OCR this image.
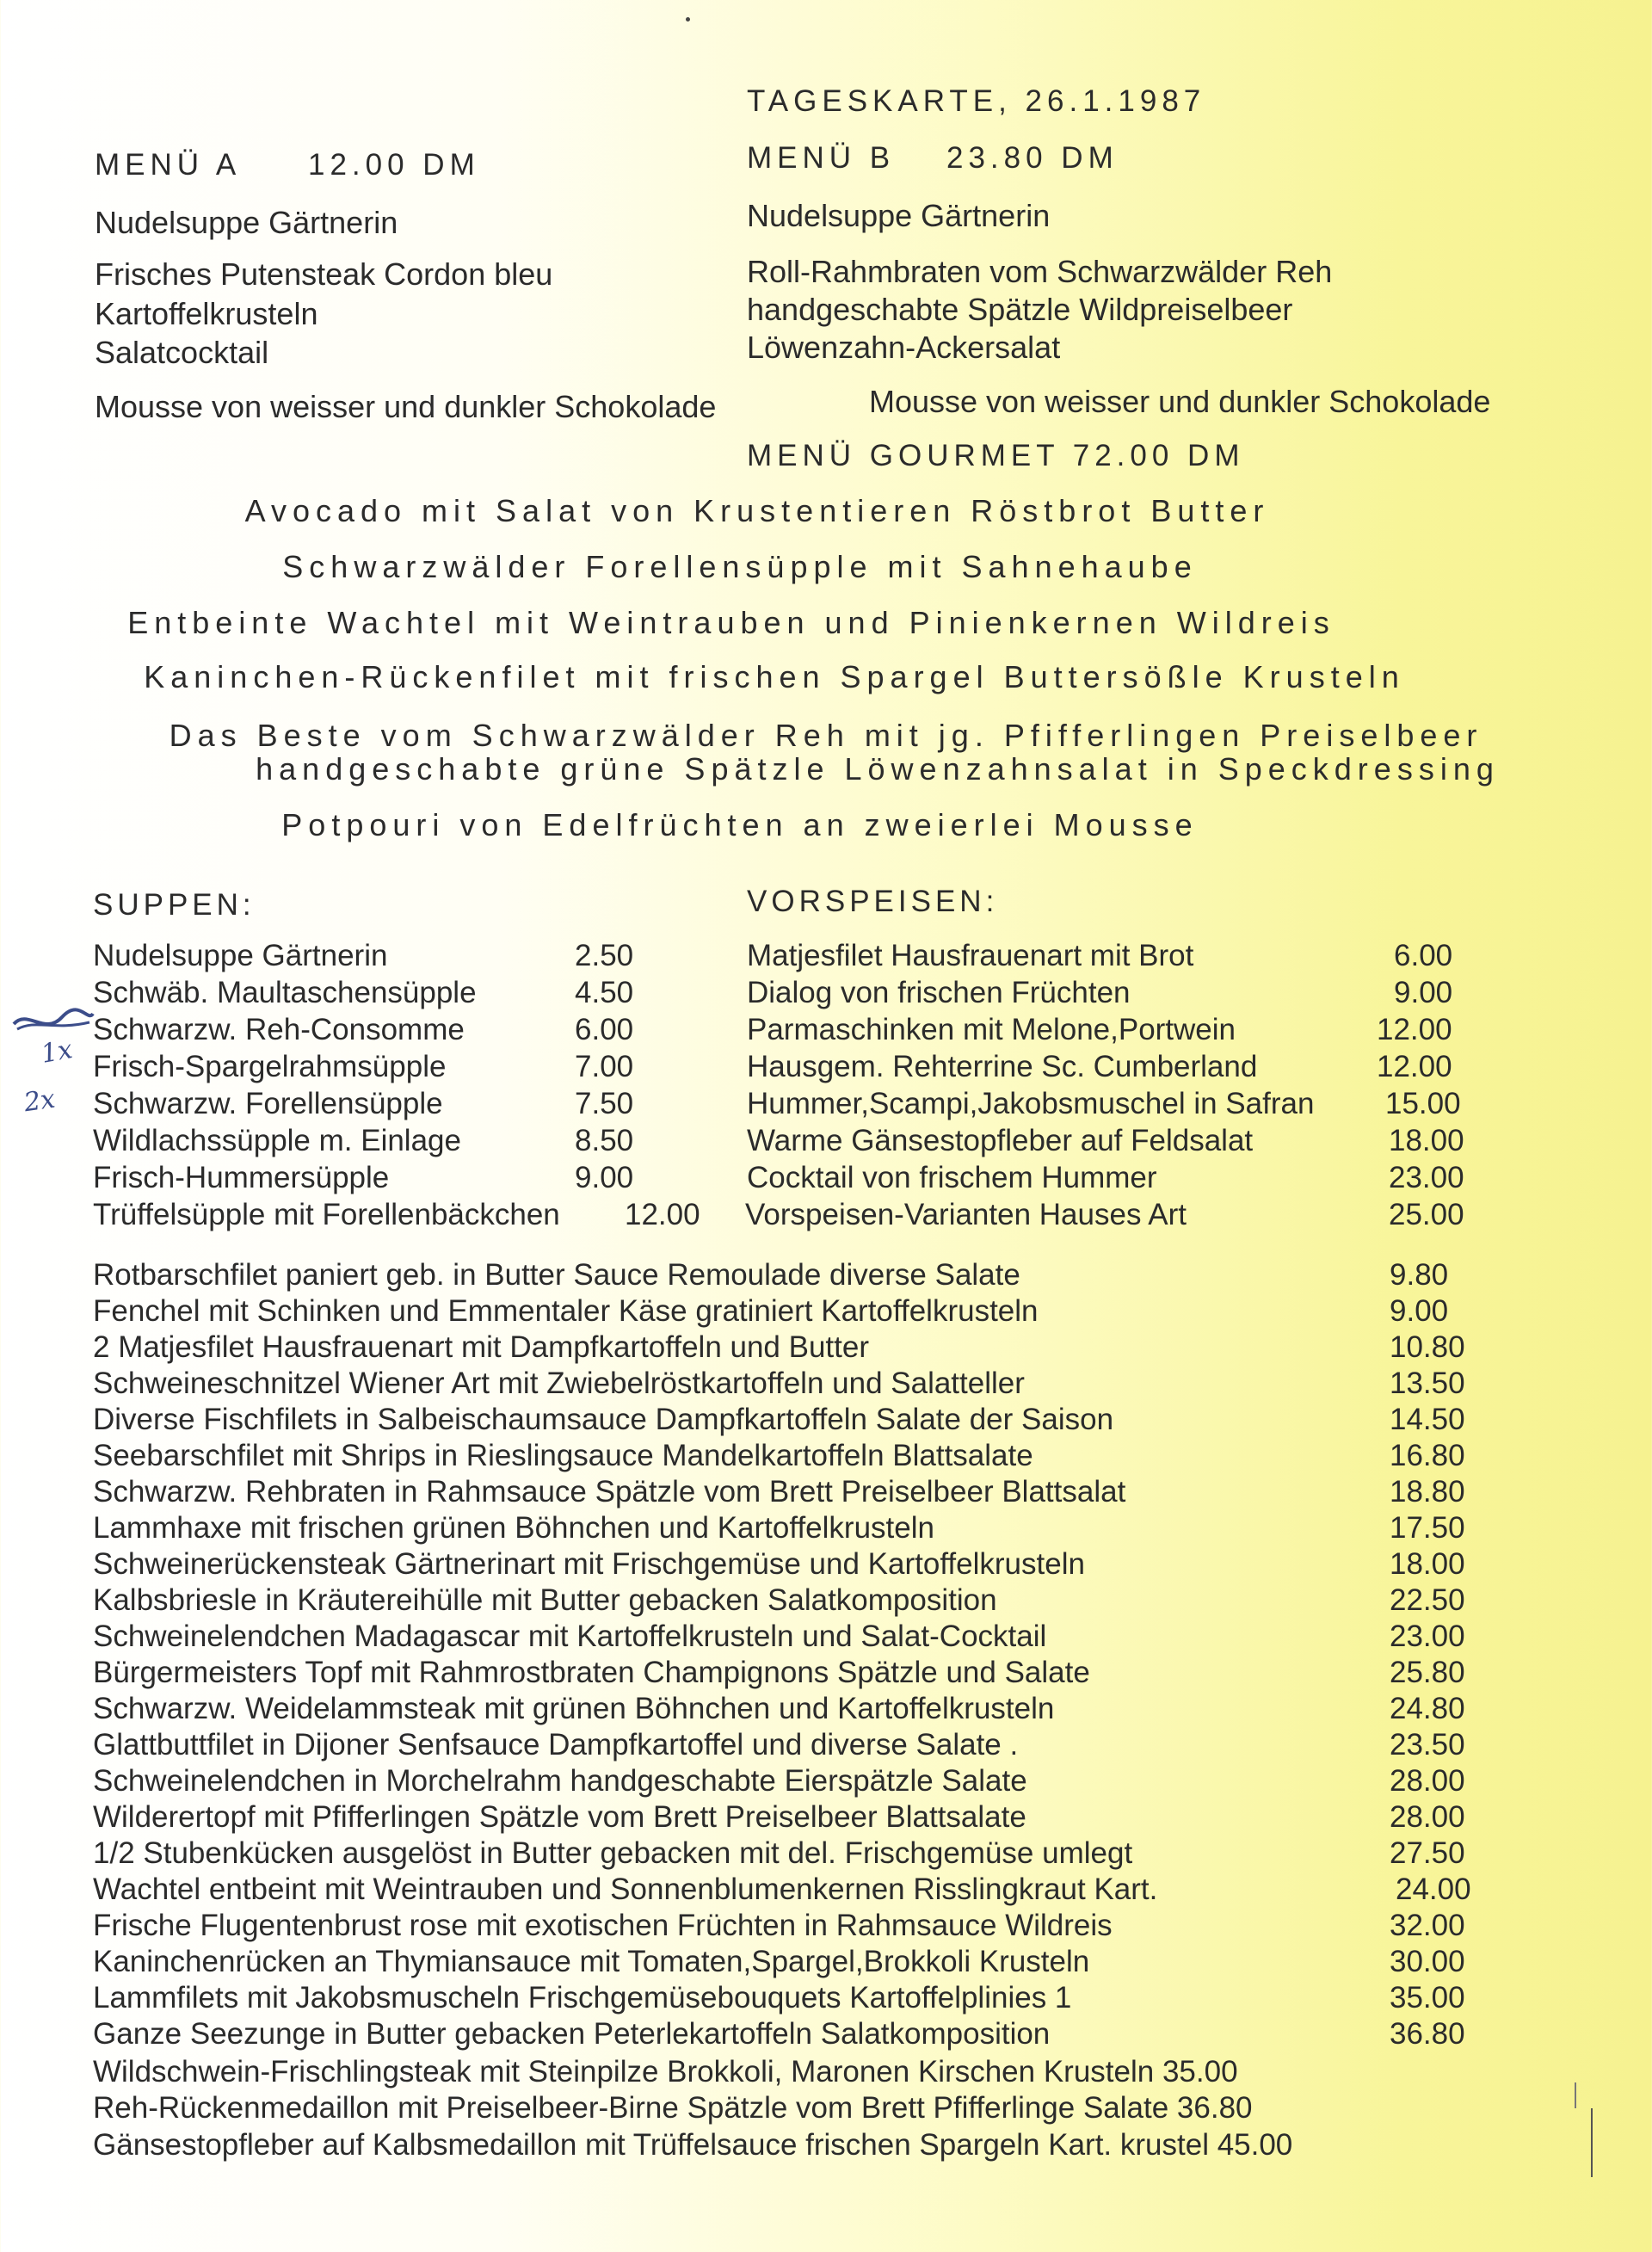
TAGESKARTE, 26.1.1987
MENÜ A 12.00 DM
Nudelsuppe Gärtnerin
Frisches Putensteak Cordon bleu
Kartoffelkrusteln
Salatcocktail
Mousse von weisser und dunkler Schokolade
MENÜ B 23.80 DM
Nudelsuppe Gärtnerin
Roll-Rahmbraten vom Schwarzwälder Reh
handgeschabte Spätzle Wildpreiselbeer
Löwenzahn-Ackersalat
Mousse von weisser und dunkler Schokolade
MENÜ GOURMET 72.00 DM
Avocado mit Salat von Krustentieren Röstbrot Butter
Schwarzwälder Forellensüpple mit Sahnehaube
Entbeinte Wachtel mit Weintrauben und Pinienkernen Wildreis
Kaninchen-Rückenfilet mit frischen Spargel Buttersößle Krusteln
Das Beste vom Schwarzwälder Reh mit jg. Pfifferlingen Preiselbeer
handgeschabte grüne Spätzle Löwenzahnsalat in Speckdressing
Potpouri von Edelfrüchten an zweierlei Mousse
SUPPEN:	VORSPEISEN:
Nudelsuppe Gärtnerin	2.50
Schwäb. Maultaschensüpple	4.50
Schwarzw. Reh-Consomme	6.00
Frisch-Spargelrahmsüpple	7.00
Schwarzw. Forellensüpple	7.50
Wildlachssüpple m. Einlage	8.50
Frisch-Hummersüpple	9.00
Trüffelsüpple mit Forellenbäckchen 12.00
Matjesfilet Hausfrauenart mit Brot	6.00
Dialog von frischen Früchten	9.00
Parmaschinken mit Melone,Portwein	12.00
Hausgem. Rehterrine Sc. Cumberland	12.00
Hummer,Scampi,Jakobsmuschel in Safran 15.00
Warme Gänsestopfleber auf Feldsalat	18.00
Cocktail von frischem Hummer	23.00
Vorspeisen-Varianten Hauses Art	25.00
1x
2x
Rotbarschfilet paniert geb. in Butter Sauce Remoulade diverse Salate	9.80
Fenchel mit Schinken und Emmentaler Käse gratiniert Kartoffelkrusteln	9.00
2 Matjesfilet Hausfrauenart mit Dampfkartoffeln und Butter	10.80
Schweineschnitzel Wiener Art mit Zwiebelröstkartoffeln und Salatteller	13.50
Diverse Fischfilets in Salbeischaumsauce Dampfkartoffeln Salate der Saison	14.50
Seebarschfilet mit Shrips in Rieslingsauce Mandelkartoffeln Blattsalate	16.80
Schwarzw. Rehbraten in Rahmsauce Spätzle vom Brett Preiselbeer Blattsalat	18.80
Lammhaxe mit frischen grünen Böhnchen und Kartoffelkrusteln	17.50
Schweinerückensteak Gärtnerinart mit Frischgemüse und Kartoffelkrusteln	18.00
Kalbsbriesle in Kräutereihülle mit Butter gebacken Salatkomposition	22.50
Schweinelendchen Madagascar mit Kartoffelkrusteln und Salat-Cocktail	23.00
Bürgermeisters Topf mit Rahmrostbraten Champignons Spätzle und Salate	25.80
Schwarzw. Weidelammsteak mit grünen Böhnchen und Kartoffelkrusteln	24.80
Glattbuttfilet in Dijoner Senfsauce Dampfkartoffel und diverse Salate .	23.50
Schweinelendchen in Morchelrahm handgeschabte Eierspätzle Salate	28.00
Wilderertopf mit Pfifferlingen Spätzle vom Brett Preiselbeer Blattsalate	28.00
1/2 Stubenkücken ausgelöst in Butter gebacken mit del. Frischgemüse umlegt	27.50
Wachtel entbeint mit Weintrauben und Sonnenblumenkernen Risslingkraut Kart.	24.00
Frische Flugentenbrust rose mit exotischen Früchten in Rahmsauce Wildreis	32.00
Kaninchenrücken an Thymiansauce mit Tomaten,Spargel,Brokkoli Krusteln	30.00
Lammfilets mit Jakobsmuscheln Frischgemüsebouquets Kartoffelplinies 1	35.00
Ganze Seezunge in Butter gebacken Peterlekartoffeln Salatkomposition	36.80
Wildschwein-Frischlingsteak mit Steinpilze Brokkoli, Maronen Kirschen Krusteln 35.00
Reh-Rückenmedaillon mit Preiselbeer-Birne Spätzle vom Brett Pfifferlinge Salate 36.80
Gänsestopfleber auf Kalbsmedaillon mit Trüffelsauce frischen Spargeln Kart. krustel 45.00
